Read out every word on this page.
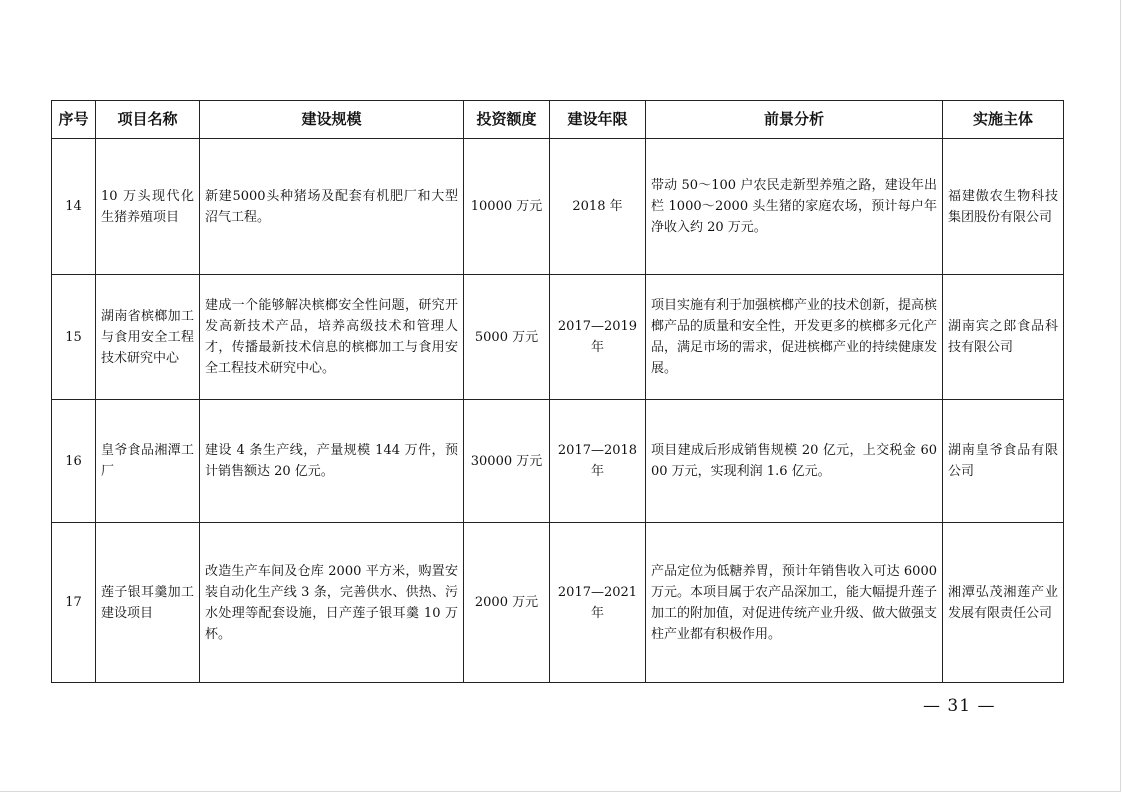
序号	项目名称	建设规模	投资额度	建设年限	前景分析	实施主体
14	10 万头现代化生猪养殖项目	新建5000头种猪场及配套有机肥厂和大型沼气工程。	10000 万元	2018 年	带动 50～100 户农民走新型养殖之路，建设年出栏 1000～2000 头生猪的家庭农场，预计每户年净收入约 20 万元。	福建傲农生物科技集团股份有限公司
15	湖南省槟榔加工与食用安全工程技术研究中心	建成一个能够解决槟榔安全性问题，研究开发高新技术产品，培养高级技术和管理人才，传播最新技术信息的槟榔加工与食用安全工程技术研究中心。	5000 万元	2017—2019 年	项目实施有利于加强槟榔产业的技术创新，提高槟榔产品的质量和安全性，开发更多的槟榔多元化产品，满足市场的需求，促进槟榔产业的持续健康发展。	湖南宾之郎食品科技有限公司
16	皇爷食品湘潭工厂	建设 4 条生产线，产量规模 144 万件，预计销售额达 20 亿元。	30000 万元	2017—2018 年	项目建成后形成销售规模 20 亿元，上交税金 6000 万元，实现利润 1.6 亿元。	湖南皇爷食品有限公司
17	莲子银耳羹加工建设项目	改造生产车间及仓库 2000 平方米，购置安装自动化生产线 3 条，完善供水、供热、污水处理等配套设施，日产莲子银耳羹 10 万杯。	2000 万元	2017—2021 年	产品定位为低糖养胃，预计年销售收入可达 6000 万元。本项目属于农产品深加工，能大幅提升莲子加工的附加值，对促进传统产业升级、做大做强支柱产业都有积极作用。	湘潭弘茂湘莲产业发展有限责任公司
— 31 —
